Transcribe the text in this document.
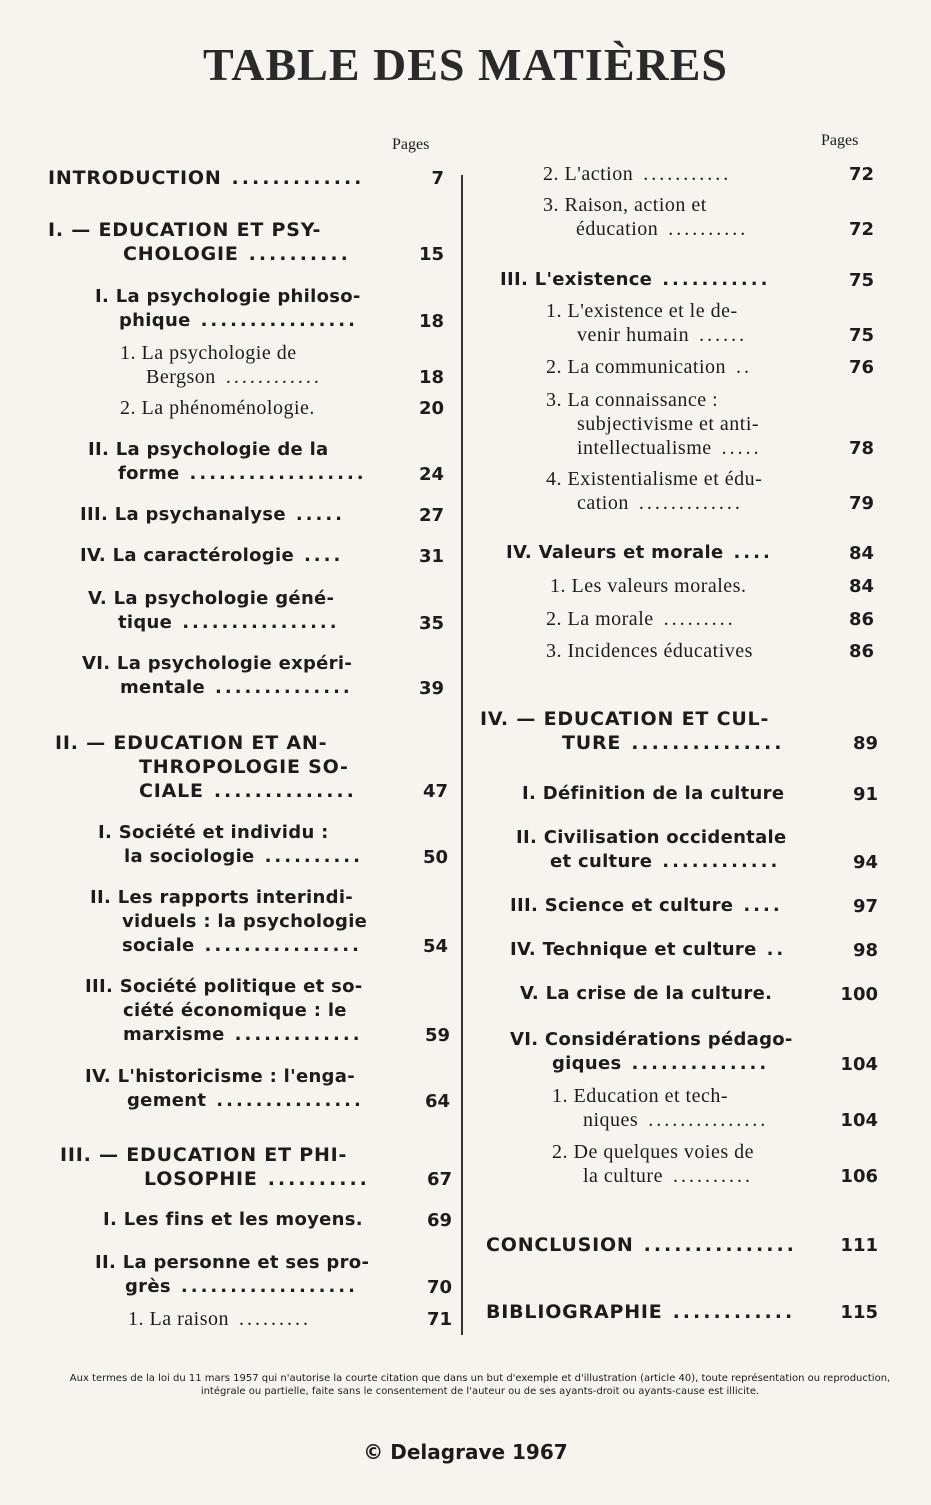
TABLE DES MATIÈRES
Pages	Pages
INTRODUCTION .............	7
I. — EDUCATION ET PSY-
CHOLOGIE ..........	15
I. La psychologie philoso-
phique ................	18
1. La psychologie de
Bergson ............	18
2. La phénoménologie.	20
II. La psychologie de la
forme ..................	24
III. La psychanalyse .....	27
IV. La caractérologie ....	31
V. La psychologie géné-
tique ................	35
VI. La psychologie expéri-
mentale ..............	39
II. — EDUCATION ET AN-
THROPOLOGIE SO-
CIALE ..............	47
I. Société et individu :
la sociologie ..........	50
II. Les rapports interindi-
viduels : la psychologie
sociale ................	54
III. Société politique et so-
ciété économique : le
marxisme .............	59
IV. L'historicisme : l'enga-
gement ...............	64
III. — EDUCATION ET PHI-
LOSOPHIE ..........	67
I. Les fins et les moyens.	69
II. La personne et ses pro-
grès ..................	70
1. La raison .........	71
2. L'action ...........	72
3. Raison, action et
éducation ..........	72
III. L'existence ...........	75
1. L'existence et le de-
venir humain ......	75
2. La communication ..	76
3. La connaissance :
subjectivisme et anti-
intellectualisme .....	78
4. Existentialisme et édu-
cation .............	79
IV. Valeurs et morale ....	84
1. Les valeurs morales.	84
2. La morale .........	86
3. Incidences éducatives	86
IV. — EDUCATION ET CUL-
TURE ...............	89
I. Définition de la culture	91
II. Civilisation occidentale
et culture ............	94
III. Science et culture ....	97
IV. Technique et culture ..	98
V. La crise de la culture.	100
VI. Considérations pédago-
giques ..............	104
1. Education et tech-
niques ...............	104
2. De quelques voies de
la culture ..........	106
CONCLUSION ...............	111
BIBLIOGRAPHIE ............	115
Aux termes de la loi du 11 mars 1957 qui n'autorise la courte citation que dans un but d'exemple et d'illustration (article 40), toute représentation ou reproduction, intégrale ou partielle, faite sans le consentement de l'auteur ou de ses ayants-droit ou ayants-cause est illicite.
© Delagrave 1967
